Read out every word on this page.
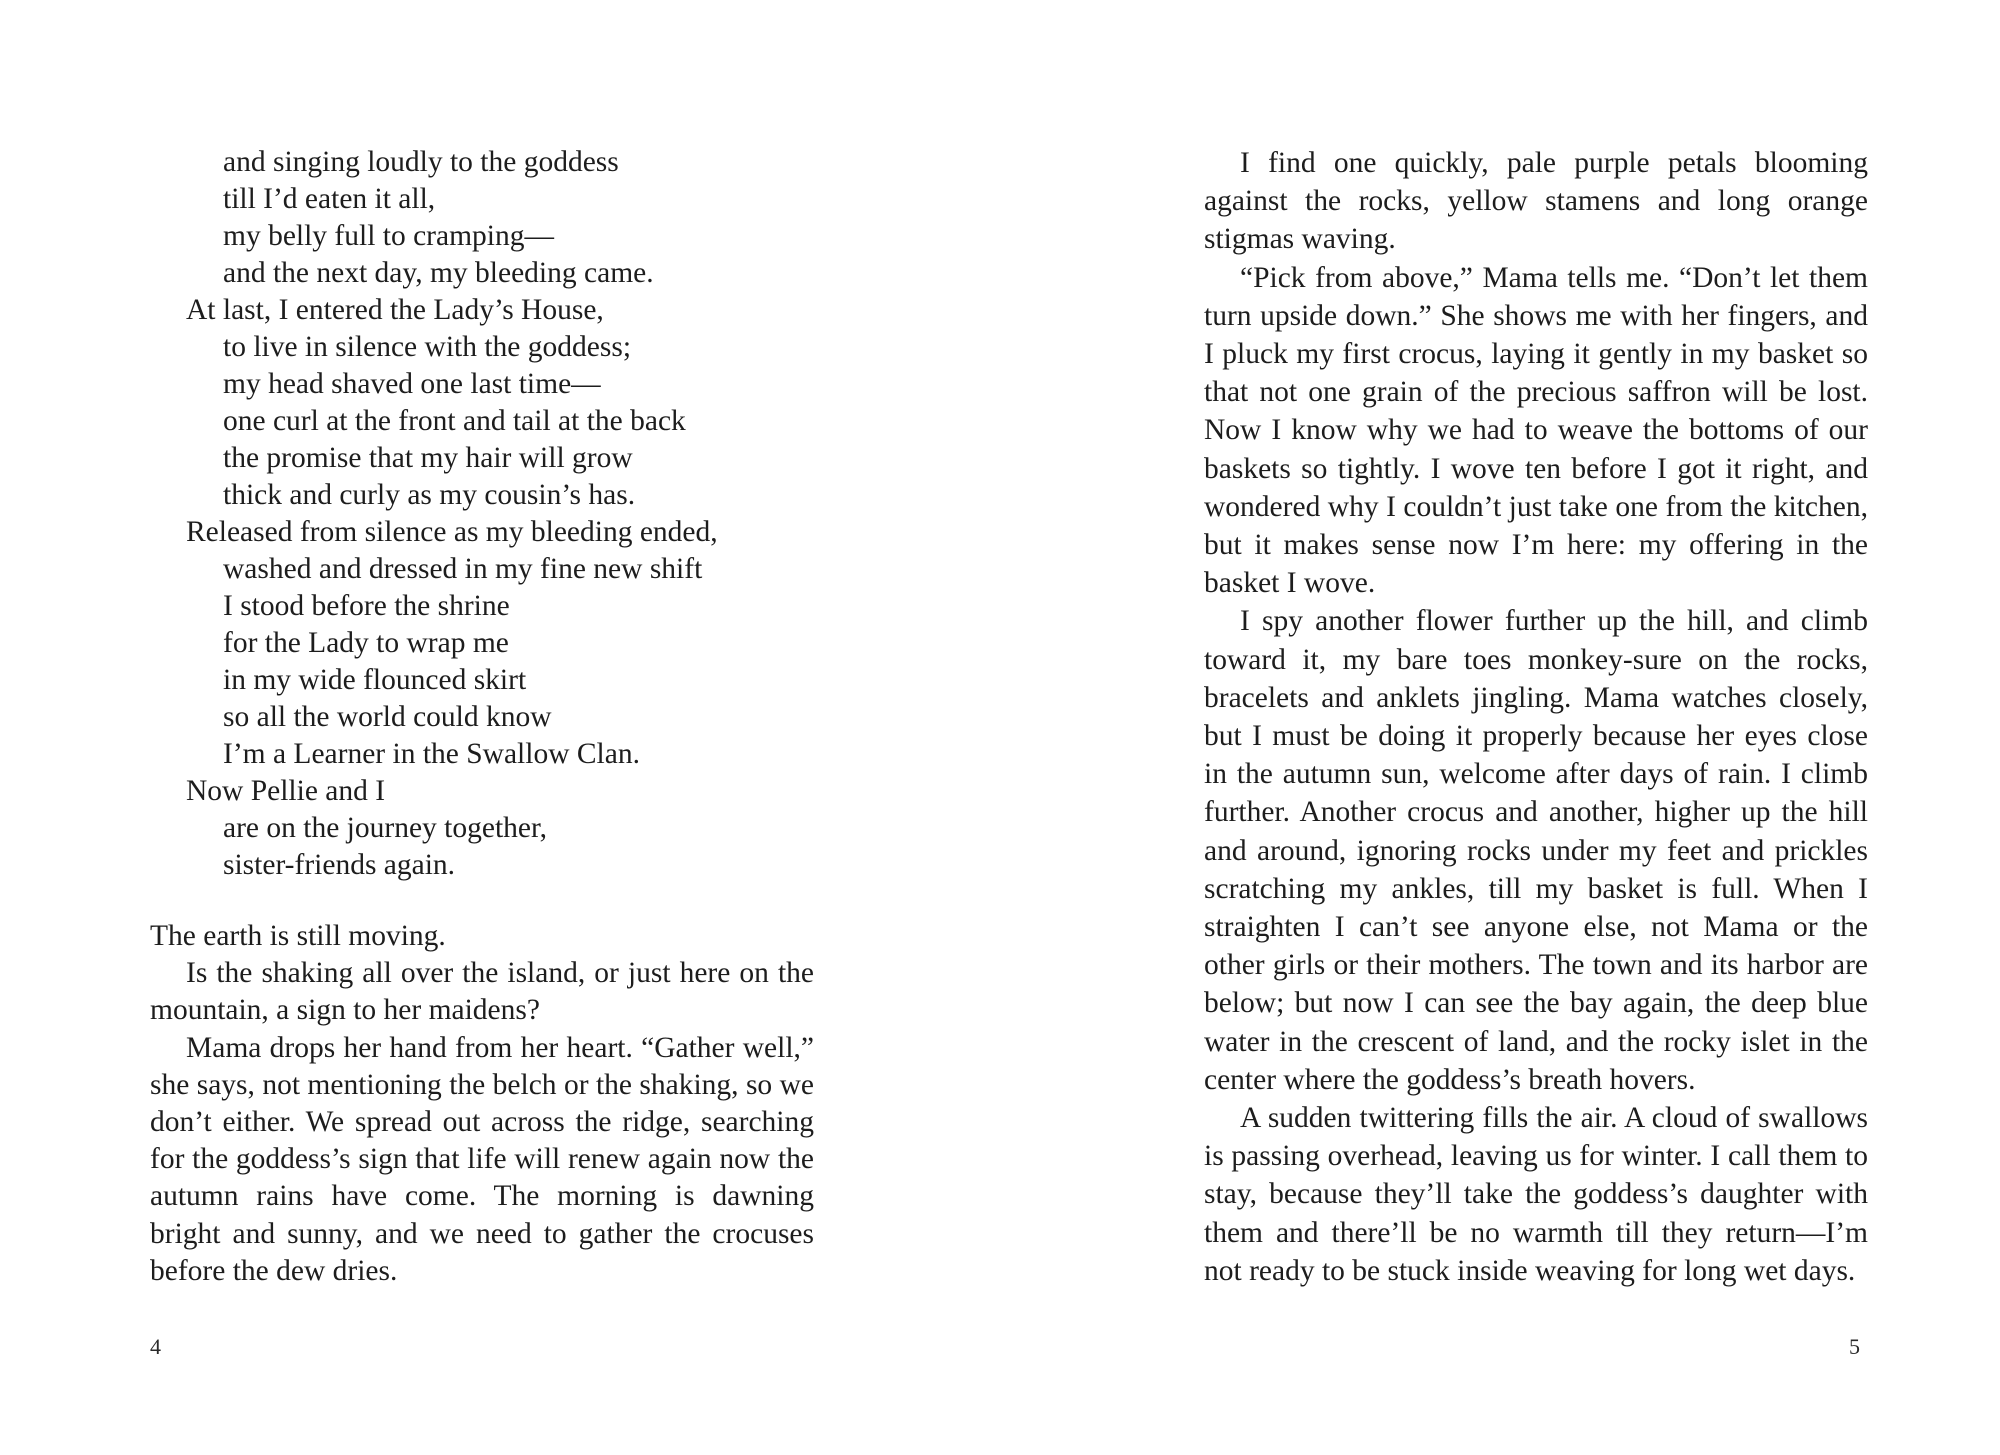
and singing loudly to the goddess
till I’d eaten it all,
my belly full to cramping—
and the next day, my bleeding came.
At last, I entered the Lady’s House,
to live in silence with the goddess;
my head shaved one last time—
one curl at the front and tail at the back
the promise that my hair will grow
thick and curly as my cousin’s has.
Released from silence as my bleeding ended,
washed and dressed in my fine new shift
I stood before the shrine
for the Lady to wrap me
in my wide flounced skirt
so all the world could know
I’m a Learner in the Swallow Clan.
Now Pellie and I
are on the journey together,
sister-friends again.

The earth is still moving.

Is the shaking all over the island, or just here on the mountain, a sign to her maidens?

Mama drops her hand from her heart. “Gather well,” she says, not mentioning the belch or the shaking, so we don’t either. We spread out across the ridge, searching for the goddess’s sign that life will renew again now the autumn rains have come. The morning is dawning bright and sunny, and we need to gather the crocuses before the dew dries.

4

I find one quickly, pale purple petals blooming against the rocks, yellow stamens and long orange stigmas waving.

“Pick from above,” Mama tells me. “Don’t let them turn upside down.” She shows me with her fingers, and I pluck my first crocus, laying it gently in my basket so that not one grain of the precious saffron will be lost. Now I know why we had to weave the bottoms of our baskets so tightly. I wove ten before I got it right, and wondered why I couldn’t just take one from the kitchen, but it makes sense now I’m here: my offering in the basket I wove.

I spy another flower further up the hill, and climb toward it, my bare toes monkey-sure on the rocks, bracelets and anklets jingling. Mama watches closely, but I must be doing it properly because her eyes close in the autumn sun, welcome after days of rain. I climb further. Another crocus and another, higher up the hill and around, ignoring rocks under my feet and prickles scratching my ankles, till my basket is full. When I straighten I can’t see anyone else, not Mama or the other girls or their mothers. The town and its harbor are below; but now I can see the bay again, the deep blue water in the crescent of land, and the rocky islet in the center where the goddess’s breath hovers.

A sudden twittering fills the air. A cloud of swallows is passing overhead, leaving us for winter. I call them to stay, because they’ll take the goddess’s daughter with them and there’ll be no warmth till they return—I’m not ready to be stuck inside weaving for long wet days.

5
